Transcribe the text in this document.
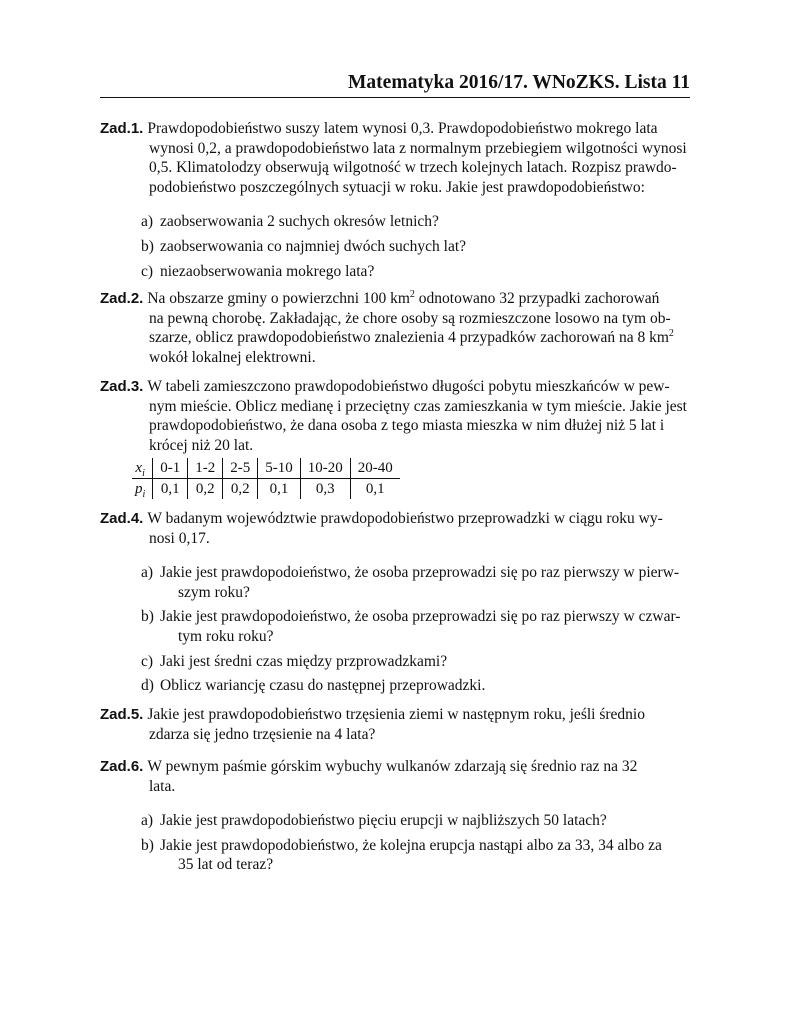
Matematyka 2016/17. WNoZKS. Lista 11
Zad.1. Prawdopodobieństwo suszy latem wynosi 0,3. Prawdopodobieństwo mokrego lata
wynosi 0,2, a prawdopodobieństwo lata z normalnym przebiegiem wilgotności wynosi
0,5. Klimatolodzy obserwują wilgotność w trzech kolejnych latach. Rozpisz prawdo-
podobieństwo poszczególnych sytuacji w roku. Jakie jest prawdopodobieństwo:
a) zaobserwowania 2 suchych okresów letnich?
b) zaobserwowania co najmniej dwóch suchych lat?
c) niezaobserwowania mokrego lata?
Zad.2. Na obszarze gminy o powierzchni 100 $km^2$ odnotowano 32 przypadki zachorowań
na pewną chorobę. Zakładając, że chore osoby są rozmieszczone losowo na tym ob-
szarze, oblicz prawdopodobieństwo znalezienia 4 przypadków zachorowań na 8 $km^2$
wokół lokalnej elektrowni.
Zad.3. W tabeli zamieszczono prawdopodobieństwo długości pobytu mieszkańców w pew-
nym mieście. Oblicz medianę i przeciętny czas zamieszkania w tym mieście. Jakie jest
prawdopodobieństwo, że dana osoba z tego miasta mieszka w nim dłużej niż 5 lat i
krócej niż 20 lat.
$x_i$	0-1	1-2	2-5	5-10	10-20	20-40
$p_i$	0,1	0,2	0,2	0,1	0,3	0,1
Zad.4. W badanym województwie prawdopodobieństwo przeprowadzki w ciągu roku wy-
nosi 0,17.
a) Jakie jest prawdopodoieństwo, że osoba przeprowadzi się po raz pierwszy w pierw-
szym roku?
b) Jakie jest prawdopodoieństwo, że osoba przeprowadzi się po raz pierwszy w czwar-
tym roku roku?
c) Jaki jest średni czas między przprowadzkami?
d) Oblicz wariancję czasu do następnej przeprowadzki.
Zad.5. Jakie jest prawdopodobieństwo trzęsienia ziemi w następnym roku, jeśli średnio
zdarza się jedno trzęsienie na 4 lata?
Zad.6. W pewnym paśmie górskim wybuchy wulkanów zdarzają się średnio raz na 32
lata.
a) Jakie jest prawdopodobieństwo pięciu erupcji w najbliższych 50 latach?
b) Jakie jest prawdopodobieństwo, że kolejna erupcja nastąpi albo za 33, 34 albo za
35 lat od teraz?
